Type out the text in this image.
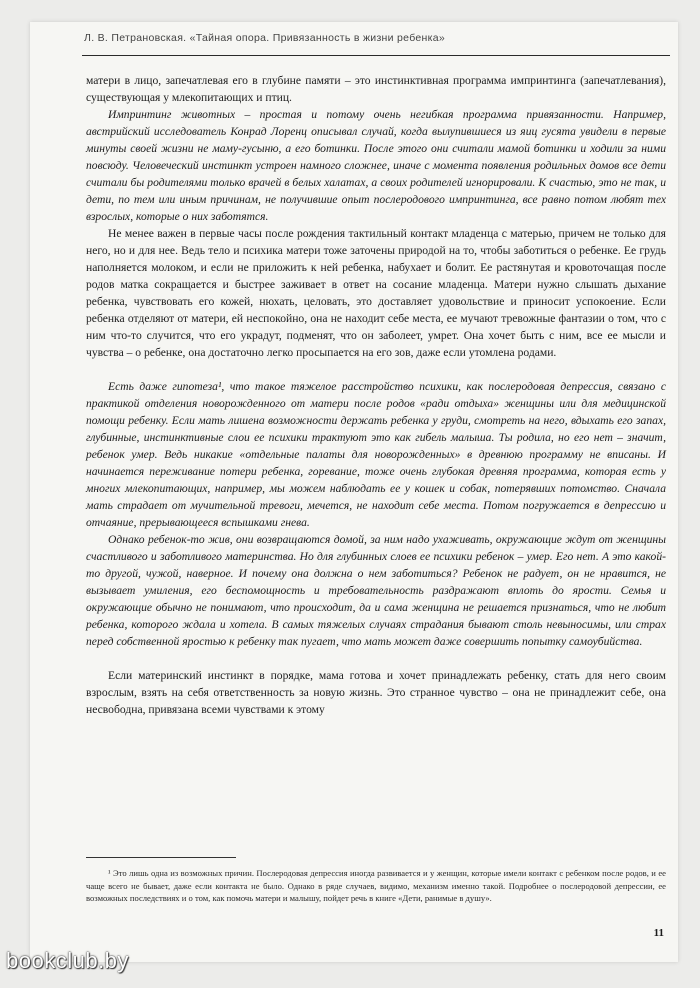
Л. В. Петрановская. «Тайная опора. Привязанность в жизни ребенка»

матери в лицо, запечатлевая его в глубине памяти – это инстинктивная программа импринтинга (запечатлевания), существующая у млекопитающих и птиц.

Импринтинг животных – простая и потому очень негибкая программа привязанности. Например, австрийский исследователь Конрад Лоренц описывал случай, когда вылупившиеся из яиц гусята увидели в первые минуты своей жизни не маму-гусыню, а его ботинки. После этого они считали мамой ботинки и ходили за ними повсюду. Человеческий инстинкт устроен намного сложнее, иначе с момента появления родильных домов все дети считали бы родителями только врачей в белых халатах, а своих родителей игнорировали. К счастью, это не так, и дети, по тем или иным причинам, не получившие опыт послеродового импринтинга, все равно потом любят тех взрослых, которые о них заботятся.

Не менее важен в первые часы после рождения тактильный контакт младенца с матерью, причем не только для него, но и для нее. Ведь тело и психика матери тоже заточены природой на то, чтобы заботиться о ребенке. Ее грудь наполняется молоком, и если не приложить к ней ребенка, набухает и болит. Ее растянутая и кровоточащая после родов матка сокращается и быстрее заживает в ответ на сосание младенца. Матери нужно слышать дыхание ребенка, чувствовать его кожей, нюхать, целовать, это доставляет удовольствие и приносит успокоение. Если ребенка отделяют от матери, ей неспокойно, она не находит себе места, ее мучают тревожные фантазии о том, что с ним что-то случится, что его украдут, подменят, что он заболеет, умрет. Она хочет быть с ним, все ее мысли и чувства – о ребенке, она достаточно легко просыпается на его зов, даже если утомлена родами.

Есть даже гипотеза¹, что такое тяжелое расстройство психики, как послеродовая депрессия, связано с практикой отделения новорожденного от матери после родов «ради отдыха» женщины или для медицинской помощи ребенку. Если мать лишена возможности держать ребенка у груди, смотреть на него, вдыхать его запах, глубинные, инстинктивные слои ее психики трактуют это как гибель малыша. Ты родила, но его нет – значит, ребенок умер. Ведь никакие «отдельные палаты для новорожденных» в древнюю программу не вписаны. И начинается переживание потери ребенка, горевание, тоже очень глубокая древняя программа, которая есть у многих млекопитающих, например, мы можем наблюдать ее у кошек и собак, потерявших потомство. Сначала мать страдает от мучительной тревоги, мечется, не находит себе места. Потом погружается в депрессию и отчаяние, прерывающееся вспышками гнева.

Однако ребенок-то жив, они возвращаются домой, за ним надо ухаживать, окружающие ждут от женщины счастливого и заботливого материнства. Но для глубинных слоев ее психики ребенок – умер. Его нет. А это какой-то другой, чужой, наверное. И почему она должна о нем заботиться? Ребенок не радует, он не нравится, не вызывает умиления, его беспомощность и требовательность раздражают вплоть до ярости. Семья и окружающие обычно не понимают, что происходит, да и сама женщина не решается признаться, что не любит ребенка, которого ждала и хотела. В самых тяжелых случаях страдания бывают столь невыносимы, или страх перед собственной яростью к ребенку так пугает, что мать может даже совершить попытку самоубийства.

Если материнский инстинкт в порядке, мама готова и хочет принадлежать ребенку, стать для него своим взрослым, взять на себя ответственность за новую жизнь. Это странное чувство – она не принадлежит себе, она несвободна, привязана всеми чувствами к этому

¹ Это лишь одна из возможных причин. Послеродовая депрессия иногда развивается и у женщин, которые имели контакт с ребенком после родов, и ее чаще всего не бывает, даже если контакта не было. Однако в ряде случаев, видимо, механизм именно такой. Подробнее о послеродовой депрессии, ее возможных последствиях и о том, как помочь матери и малышу, пойдет речь в книге «Дети, ранимые в душу».
11
bookclub.by
